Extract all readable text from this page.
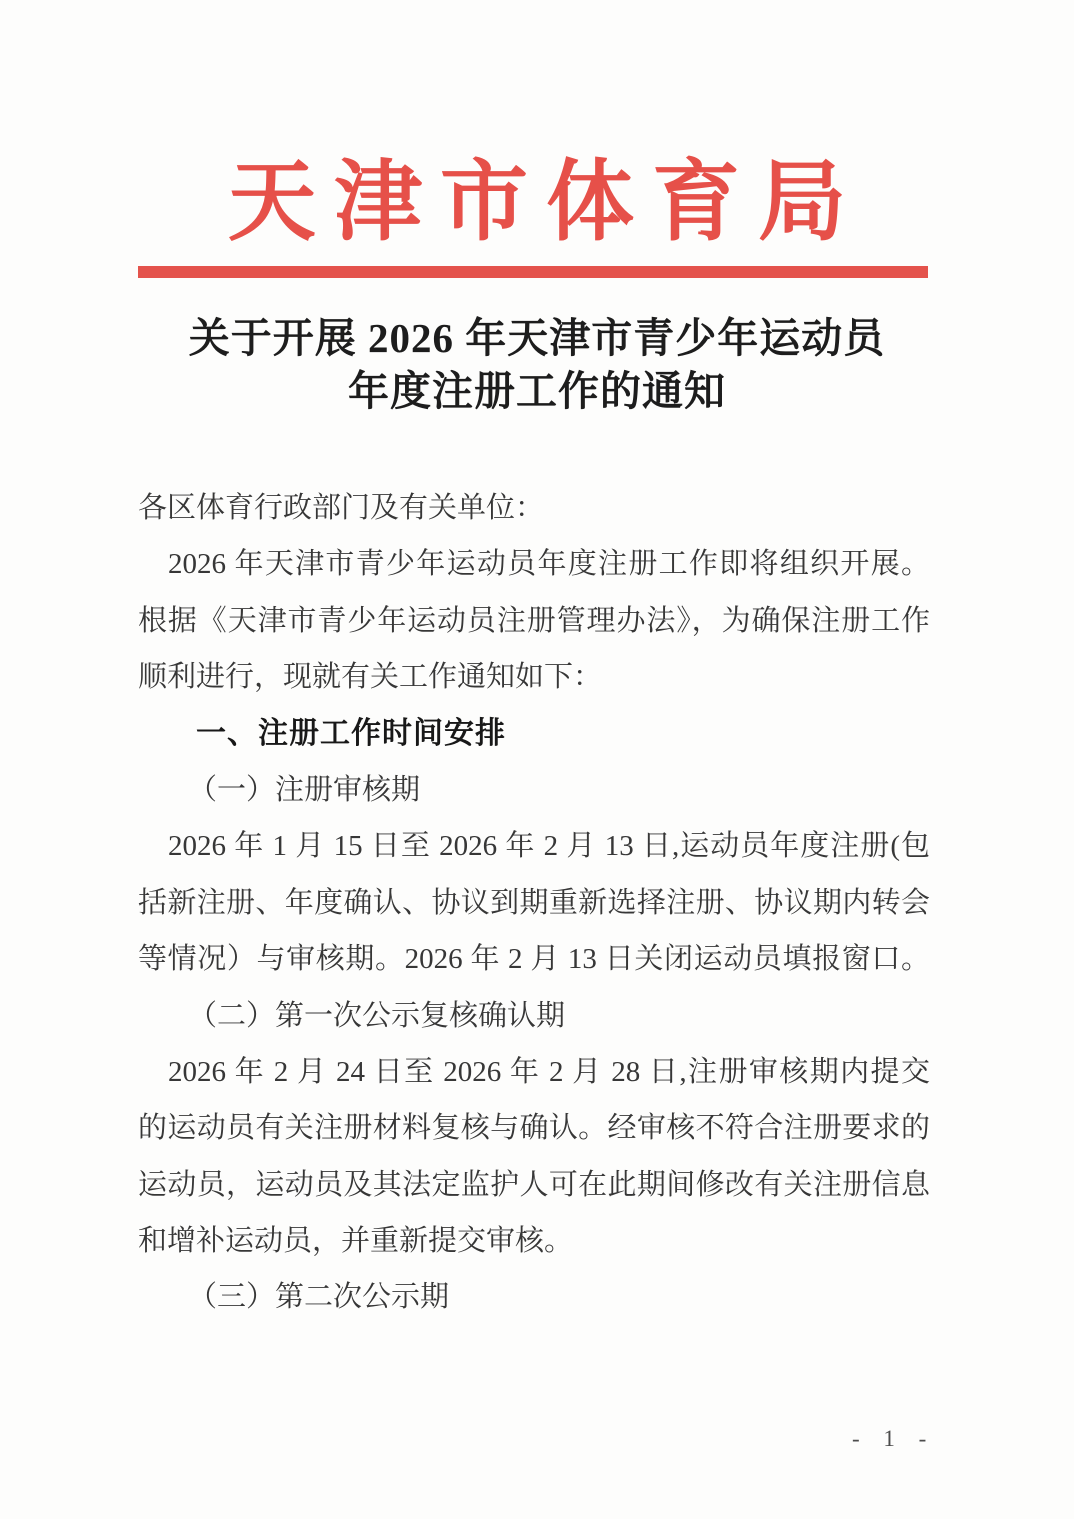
天津市体育局
关于开展 2026 年天津市青少年运动员
年度注册工作的通知
各区体育行政部门及有关单位：
2026 年天津市青少年运动员年度注册工作即将组织开展。
根据《天津市青少年运动员注册管理办法》，为确保注册工作
顺利进行，现就有关工作通知如下：
一、注册工作时间安排
（一）注册审核期
2026 年 1 月 15 日至 2026 年 2 月 13 日,运动员年度注册(包
括新注册、年度确认、协议到期重新选择注册、协议期内转会
等情况）与审核期。2026 年 2 月 13 日关闭运动员填报窗口。
（二）第一次公示复核确认期
2026 年 2 月 24 日至 2026 年 2 月 28 日,注册审核期内提交
的运动员有关注册材料复核与确认。经审核不符合注册要求的
运动员，运动员及其法定监护人可在此期间修改有关注册信息
和增补运动员，并重新提交审核。
（三）第二次公示期
- 1 -
